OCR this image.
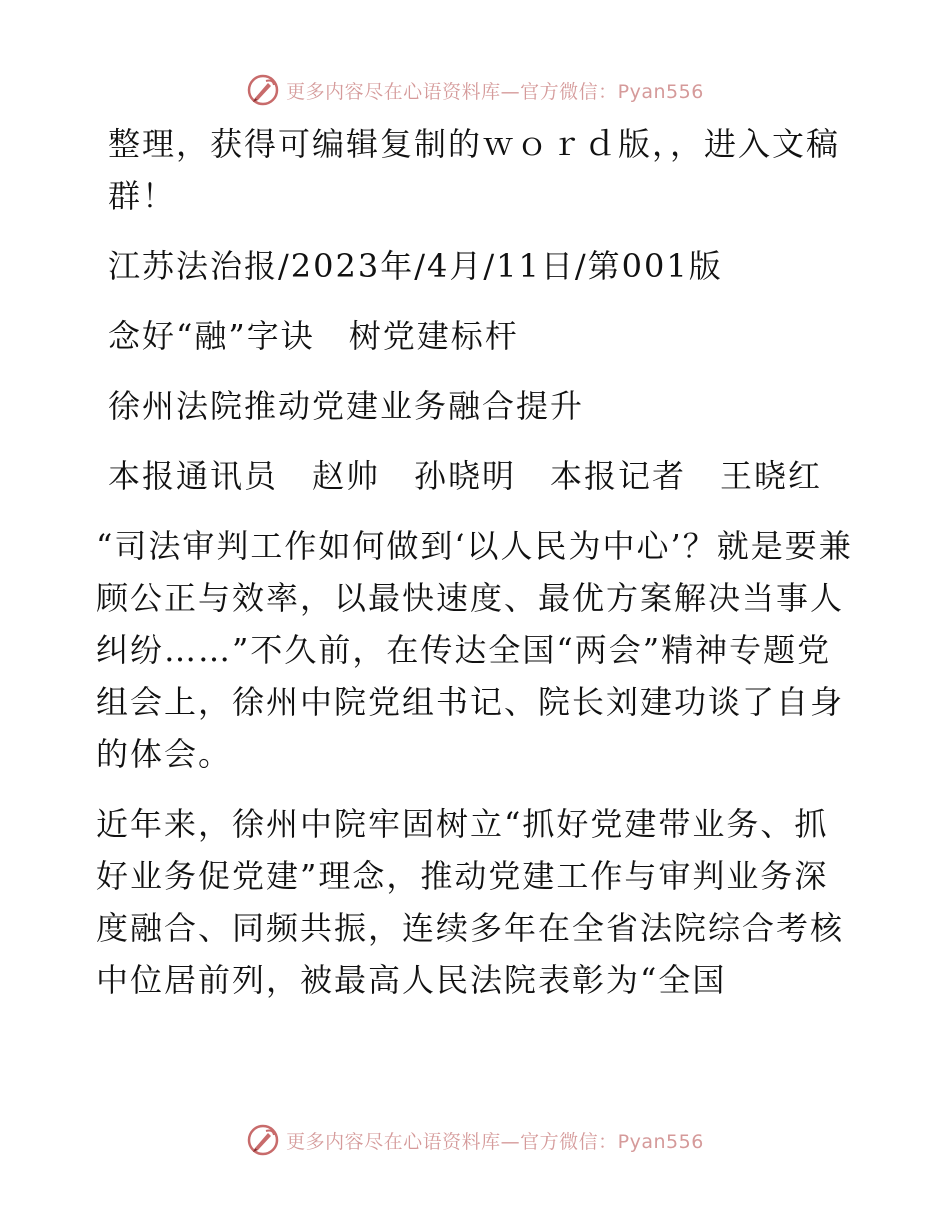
更多内容尽在心语资料库—官方微信：Pyan556

整理，获得可编辑复制的ｗｏｒｄ版，，进入文稿群！

江苏法治报/2023年/4月/11日/第001版

念好“融”字诀　树党建标杆

徐州法院推动党建业务融合提升

本报通讯员　赵帅　孙晓明　本报记者　王晓红

“司法审判工作如何做到‘以人民为中心’？就是要兼顾公正与效率，以最快速度、最优方案解决当事人纠纷……”不久前，在传达全国“两会”精神专题党组会上，徐州中院党组书记、院长刘建功谈了自身的体会。

近年来，徐州中院牢固树立“抓好党建带业务、抓好业务促党建”理念，推动党建工作与审判业务深度融合、同频共振，连续多年在全省法院综合考核中位居前列，被最高人民法院表彰为“全国

更多内容尽在心语资料库—官方微信：Pyan556
